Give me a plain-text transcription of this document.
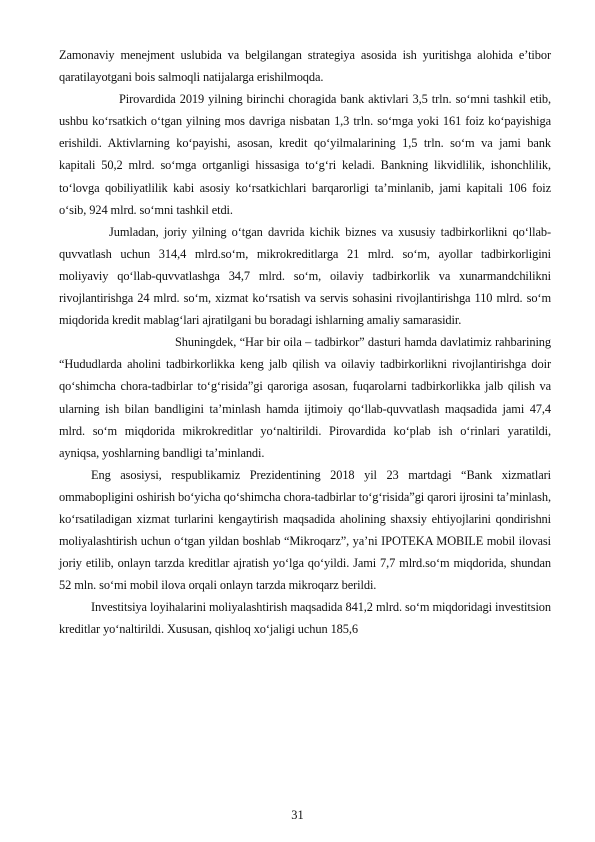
Zamonaviy menejment uslubida va belgilangan strategiya asosida ish yuritishga alohida e’tibor qaratilayotgani bois salmoqli natijalarga erishilmoqda.

Pirovardida 2019 yilning birinchi choragida bank aktivlari 3,5 trln. so‘mni tashkil etib, ushbu ko‘rsatkich o‘tgan yilning mos davriga nisbatan 1,3 trln. so‘mga yoki 161 foiz ko‘payishiga erishildi. Aktivlarning ko‘payishi, asosan, kredit qo‘yilmalarining 1,5 trln. so‘m va jami bank kapitali 50,2 mlrd. so‘mga ortganligi hissasiga to‘g‘ri keladi. Bankning likvidlilik, ishonchlilik, to‘lovga qobiliyatlilik kabi asosiy ko‘rsatkichlari barqarorligi ta’minlanib, jami kapitali 106 foiz o‘sib, 924 mlrd. so‘mni tashkil etdi.

Jumladan, joriy yilning o‘tgan davrida kichik biznes va xususiy tadbirkorlikni qo‘llab-quvvatlash uchun 314,4 mlrd.so‘m, mikrokreditlarga 21 mlrd. so‘m, ayollar tadbirkorligini moliyaviy qo‘llab-quvvatlashga 34,7 mlrd. so‘m, oilaviy tadbirkorlik va xunarmandchilikni rivojlantirishga 24 mlrd. so‘m, xizmat ko‘rsatish va servis sohasini rivojlantirishga 110 mlrd. so‘m miqdorida kredit mablag‘lari ajratilgani bu boradagi ishlarning amaliy samarasidir.

Shuningdek, “Har bir oila – tadbirkor” dasturi hamda davlatimiz rahbarining “Hududlarda aholini tadbirkorlikka keng jalb qilish va oilaviy tadbirkorlikni rivojlantirishga doir qo‘shimcha chora-tadbirlar to‘g‘risida”gi qaroriga asosan, fuqarolarni tadbirkorlikka jalb qilish va ularning ish bilan bandligini ta’minlash hamda ijtimoiy qo‘llab-quvvatlash maqsadida jami 47,4 mlrd. so‘m miqdorida mikrokreditlar yo‘naltirildi. Pirovardida ko‘plab ish o‘rinlari yaratildi, ayniqsa, yoshlarning bandligi ta’minlandi.

Eng asosiysi, respublikamiz Prezidentining 2018 yil 23 martdagi “Bank xizmatlari ommabopligini oshirish bo‘yicha qo‘shimcha chora-tadbirlar to‘g‘risida”gi qarori ijrosini ta’minlash, ko‘rsatiladigan xizmat turlarini kengaytirish maqsadida aholining shaxsiy ehtiyojlarini qondirishni moliyalashtirish uchun o‘tgan yildan boshlab “Mikroqarz”, ya’ni IPOTEKA MOBILE mobil ilovasi joriy etilib, onlayn tarzda kreditlar ajratish yo‘lga qo‘yildi. Jami 7,7 mlrd.so‘m miqdorida, shundan 52 mln. so‘mi mobil ilova orqali onlayn tarzda mikroqarz berildi.

Investitsiya loyihalarini moliyalashtirish maqsadida 841,2 mlrd. so‘m miqdoridagi investitsion kreditlar yo‘naltirildi. Xususan, qishloq xo‘jaligi uchun 185,6

31
